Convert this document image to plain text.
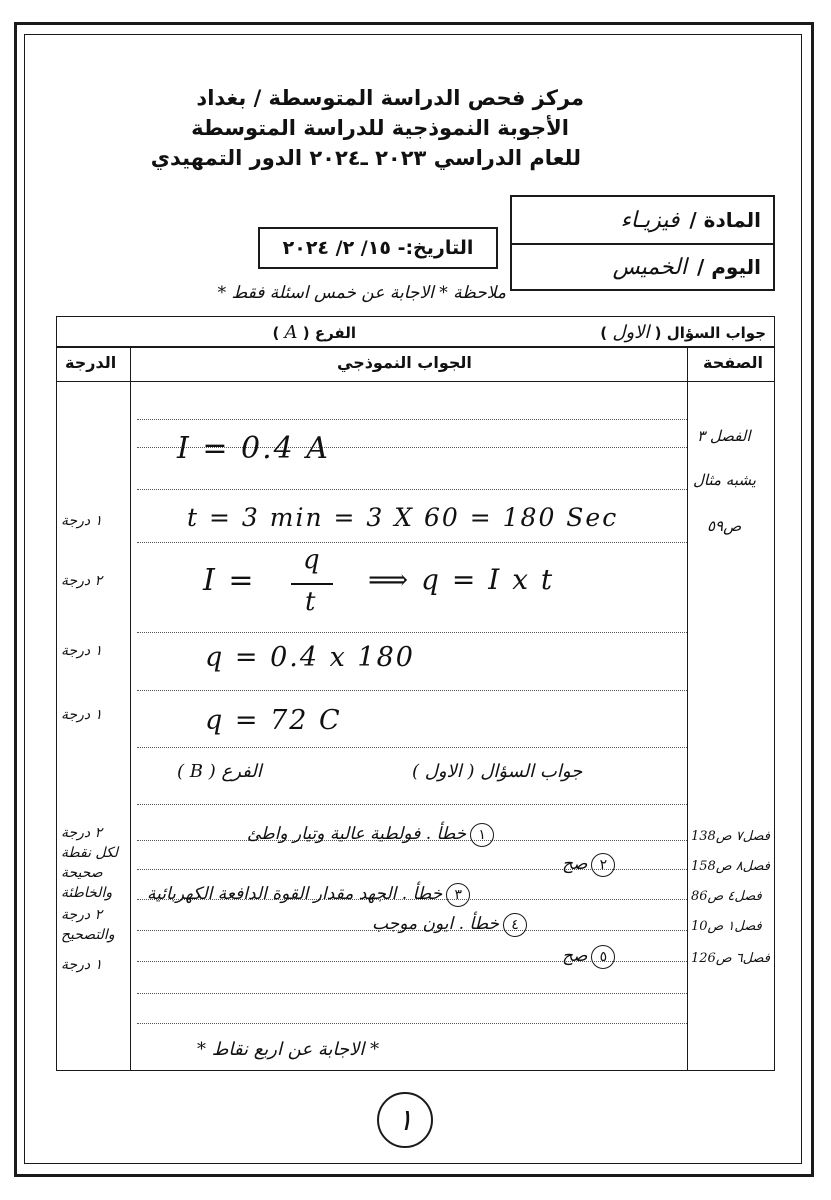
مركز فحص الدراسة المتوسطة / بغداد
الأجوبة النموذجية للدراسة المتوسطة
للعام الدراسي ٢٠٢٣ ـ٢٠٢٤ الدور التمهيدي
المادة /
فيزيـاء
اليوم /
الخميس
التاريخ:-

١٥/ ٢/ ٢٠٢٤
ملاحظة * الاجابة عن خمس اسئلة فقط *
جواب السؤال ( الاول )
الفرع ( A )
الدرجة	الجواب النموذجي	الصفحة
I = 0.4 A
t = 3 min = 3 X 60 = 180 Sec
I =
q
t
⟹ q = I x t
q = 0.4 x 180
q = 72 C
الفصل ٣
يشبه مثال
ص٥٩
١ درجة
٢ درجة
١ درجة
١ درجة
جواب السؤال ( الاول )
الفرع ( B )
١خطأ . فولطية عالية وتيار واطئ
٢صح
٣خطأ . الجهد مقدار القوة الدافعة الكهربائية
٤خطأ . ايون موجب
٥صح
فصل٧ ص138
فصل٨ ص158
فصل٤ ص86
فصل١ ص10
فصل٦ ص126
٢ درجة
لكل نقطة
صحيحة
والخاطئة
٢ درجة
والتصحيح
١ درجة
* الاجابة عن اربع نقاط *
١
